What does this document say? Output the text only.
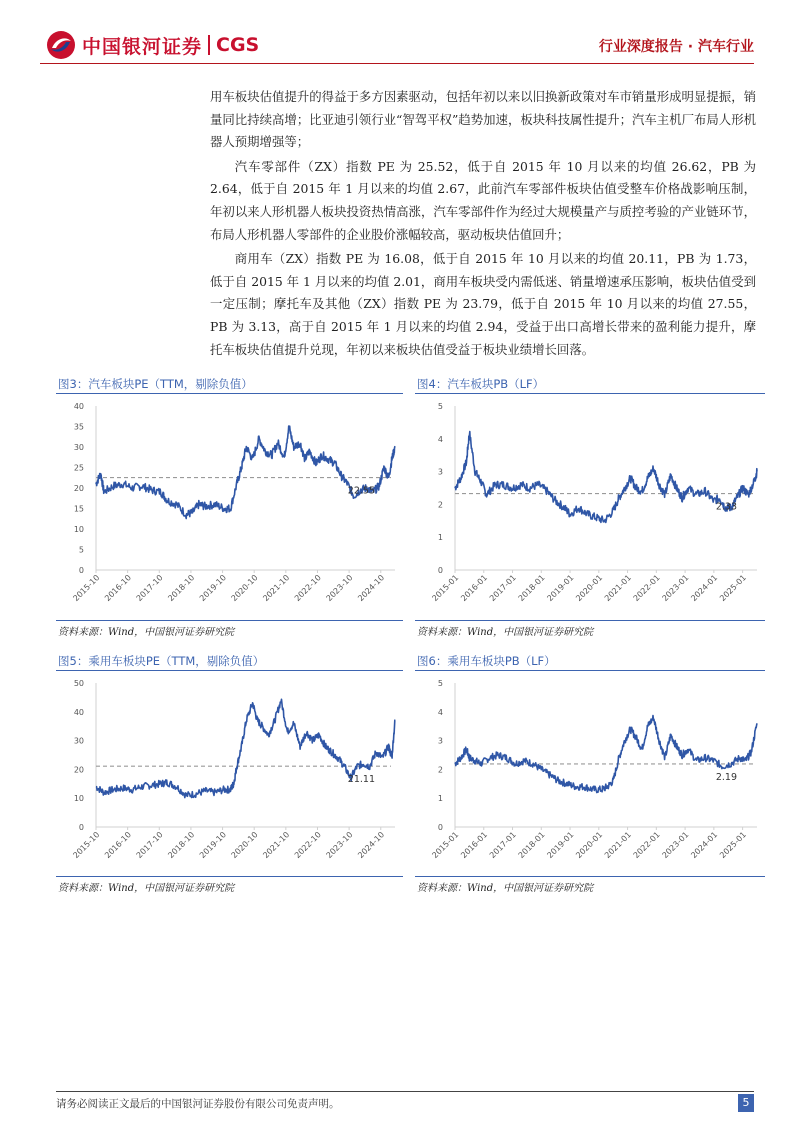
中国银河证券 CGS	行业深度报告 · 汽车行业

用车板块估值提升的得益于多方因素驱动，包括年初以来以旧换新政策对车市销量形成明显提振，销量同比持续高增；比亚迪引领行业“智驾平权”趋势加速，板块科技属性提升；汽车主机厂布局人形机器人预期增强等；

汽车零部件（ZX）指数 PE 为 25.52，低于自 2015 年 10 月以来的均值 26.62，PB 为 2.64，低于自 2015 年 1 月以来的均值 2.67，此前汽车零部件板块估值受整车价格战影响压制，年初以来人形机器人板块投资热情高涨，汽车零部件作为经过大规模量产与质控考验的产业链环节，布局人形机器人零部件的企业股价涨幅较高，驱动板块估值回升；

商用车（ZX）指数 PE 为 16.08，低于自 2015 年 10 月以来的均值 20.11，PB 为 1.73，低于自 2015 年 1 月以来的均值 2.01，商用车板块受内需低迷、销量增速承压影响，板块估值受到一定压制；摩托车及其他（ZX）指数 PE 为 23.79，低于自 2015 年 10 月以来的均值 27.55，PB 为 3.13，高于自 2015 年 1 月以来的均值 2.94，受益于出口高增长带来的盈利能力提升，摩托车板块估值提升兑现，年初以来板块估值受益于板块业绩增长回落。

图3：汽车板块PE（TTM，剔除负值）
0
5
10
15
20
25
30
35
40
2015-10 2016-10 2017-10 2018-10 2019-10 2020-10 2021-10 2022-10 2023-10 2024-10
22.55
资料来源：Wind，中国银河证券研究院
图4：汽车板块PB（LF）
0
1
2
3
4
5
2015-01
2016-01
2017-01
2018-01
2019-01
2020-01
2021-01
2022-01
2023-01
2024-01
2025-01
2.33
资料来源：Wind，中国银河证券研究院
图5：乘用车板块PE（TTM，剔除负值）
0
10
20
30
40
50
2015-10 2016-10 2017-10 2018-10 2019-10 2020-10 2021-10 2022-10 2023-10 2024-10
21.11
资料来源：Wind，中国银河证券研究院
图6：乘用车板块PB（LF）
0
1
2
3
4
5
2015-01
2016-01
2017-01
2018-01
2019-01
2020-01
2021-01
2022-01
2023-01
2024-01
2025-01
2.19
资料来源：Wind，中国银河证券研究院
请务必阅读正文最后的中国银河证券股份有限公司免责声明。	5
